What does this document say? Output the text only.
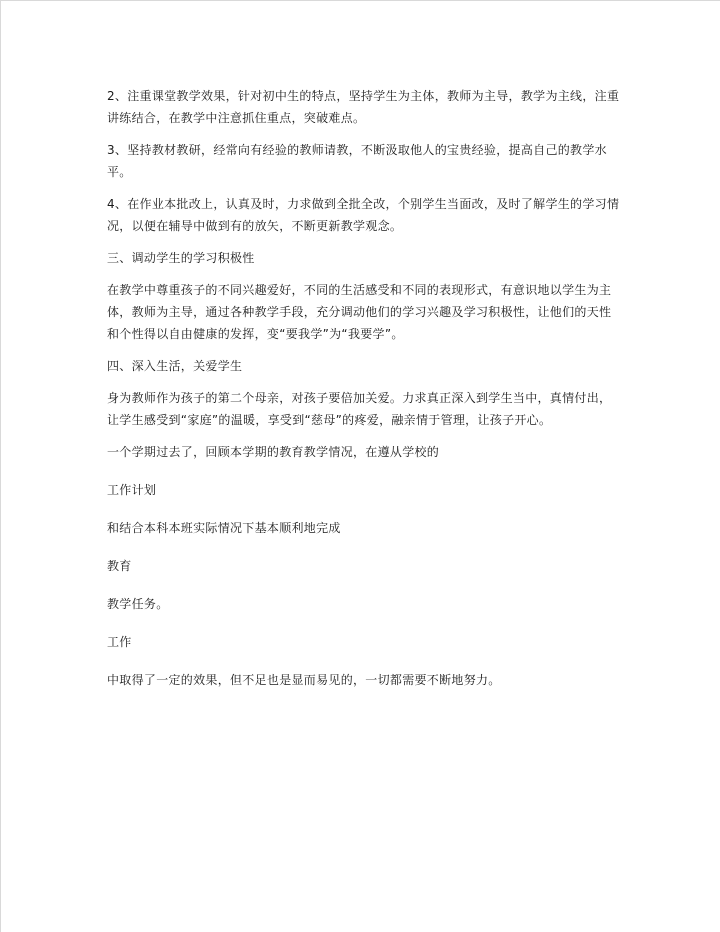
2、注重课堂教学效果，针对初中生的特点，坚持学生为主体，教师为主导，教学为主线，注重讲练结合，在教学中注意抓住重点，突破难点。

3、坚持教材教研，经常向有经验的教师请教，不断汲取他人的宝贵经验，提高自己的教学水平。

4、在作业本批改上，认真及时，力求做到全批全改，个别学生当面改，及时了解学生的学习情况，以便在辅导中做到有的放矢，不断更新教学观念。

三、调动学生的学习积极性

在教学中尊重孩子的不同兴趣爱好，不同的生活感受和不同的表现形式，有意识地以学生为主体，教师为主导，通过各种教学手段，充分调动他们的学习兴趣及学习积极性，让他们的天性和个性得以自由健康的发挥，变“要我学”为“我要学”。

四、深入生活，关爱学生

身为教师作为孩子的第二个母亲，对孩子要倍加关爱。力求真正深入到学生当中，真情付出，让学生感受到“家庭”的温暖，享受到“慈母”的疼爱，融亲情于管理，让孩子开心。

一个学期过去了，回顾本学期的教育教学情况，在遵从学校的

工作计划

和结合本科本班实际情况下基本顺利地完成

教育

教学任务。

工作

中取得了一定的效果，但不足也是显而易见的，一切都需要不断地努力。
